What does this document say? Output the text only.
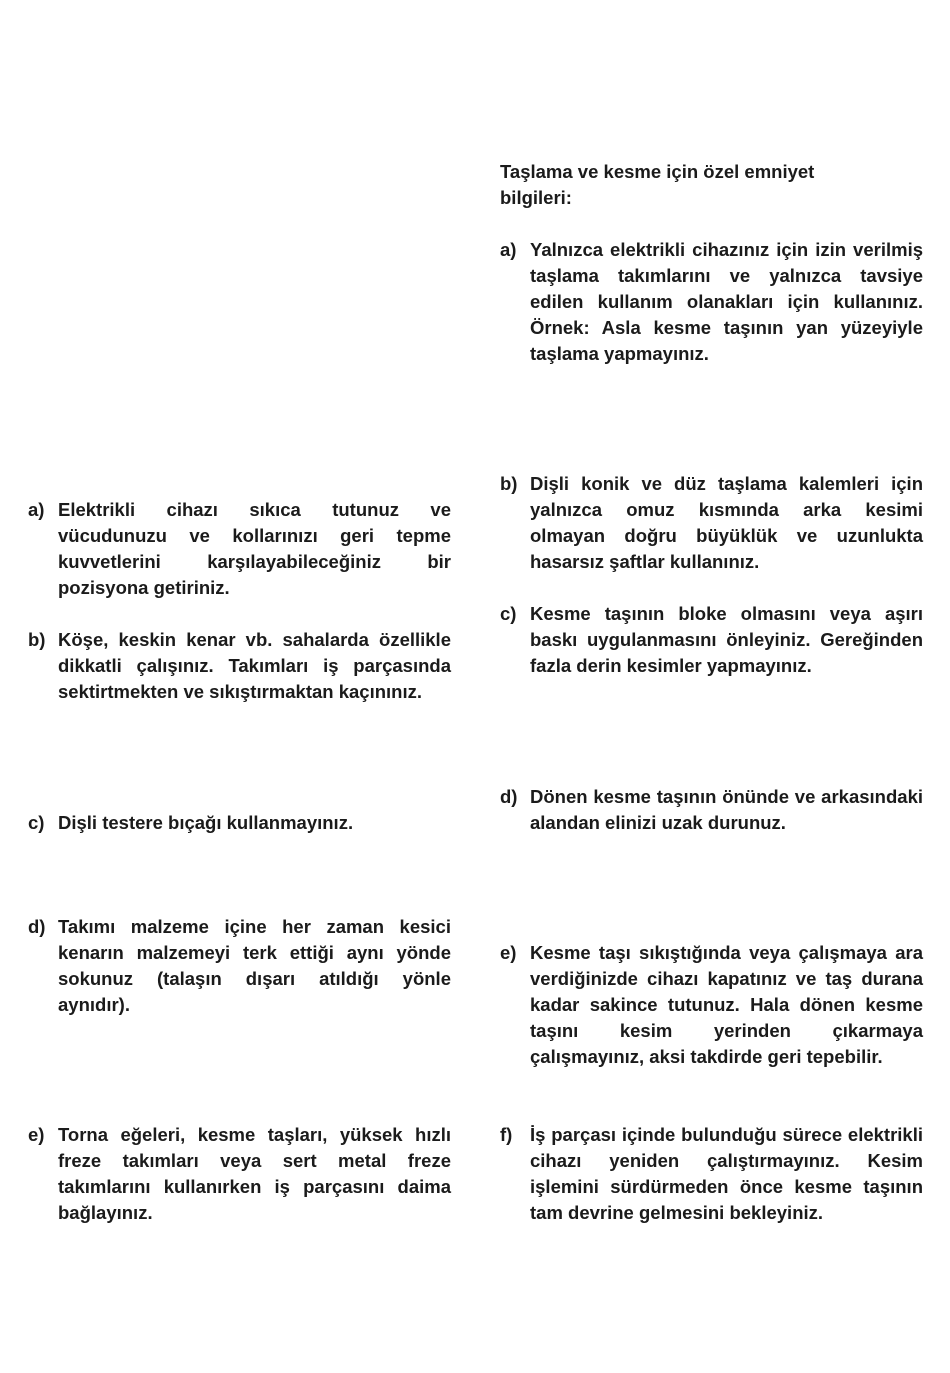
Taşlama ve kesme için özel emniyet bilgileri:

a) Elektrikli cihazı sıkıca tutunuz ve vücudunuzu ve kollarınızı geri tepme kuvvetlerini karşılayabileceğiniz bir pozisyona getiriniz.
b) Köşe, keskin kenar vb. sahalarda özellikle dikkatli çalışınız. Takımları iş parçasında sektirtmekten ve sıkıştırmaktan kaçınınız.
c) Dişli testere bıçağı kullanmayınız.
d) Takımı malzeme içine her zaman kesici kenarın malzemeyi terk ettiği aynı yönde sokunuz (talaşın dışarı atıldığı yönle aynıdır).
e) Torna eğeleri, kesme taşları, yüksek hızlı freze takımları veya sert metal freze takımlarını kullanırken iş parçasını daima bağlayınız.
a) Yalnızca elektrikli cihazınız için izin verilmiş taşlama takımlarını ve yalnızca tavsiye edilen kullanım olanakları için kullanınız. Örnek: Asla kesme taşının yan yüzeyiyle taşlama yapmayınız.
b) Dişli konik ve düz taşlama kalemleri için yalnızca omuz kısmında arka kesimi olmayan doğru büyüklük ve uzunlukta hasarsız şaftlar kullanınız.
c) Kesme taşının bloke olmasını veya aşırı baskı uygulanmasını önleyiniz. Gereğinden fazla derin kesimler yapmayınız.
d) Dönen kesme taşının önünde ve arkasındaki alandan elinizi uzak durunuz.
e) Kesme taşı sıkıştığında veya çalışmaya ara verdiğinizde cihazı kapatınız ve taş durana kadar sakince tutunuz. Hala dönen kesme taşını kesim yerinden çıkarmaya çalışmayınız, aksi takdirde geri tepebilir.
f) İş parçası içinde bulunduğu sürece elektrikli cihazı yeniden çalıştırmayınız. Kesim işlemini sürdürmeden önce kesme taşının tam devrine gelmesini bekleyiniz.
